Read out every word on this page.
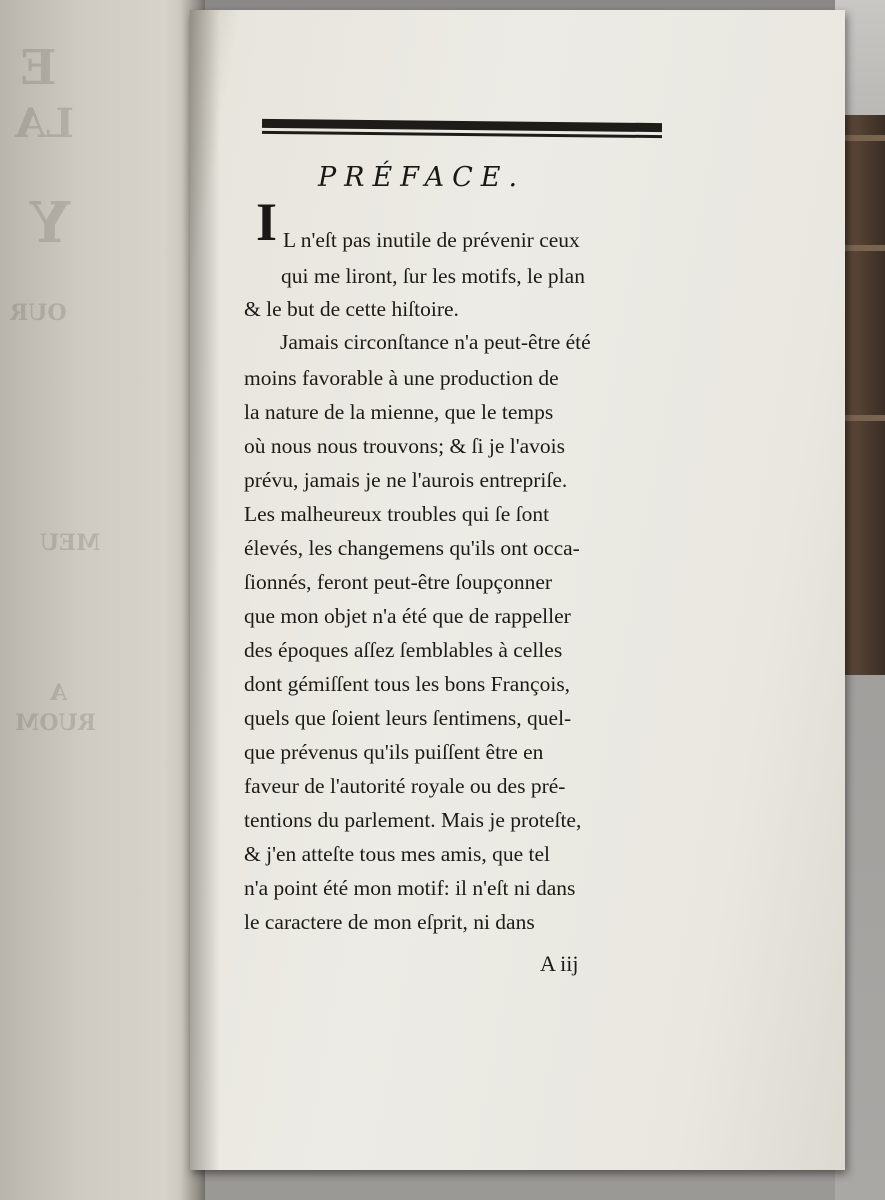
E
LA
Y
OUR
MEU
A
RUOM
PRÉFACE.
I L n'eſt pas inutile de prévenir ceux
qui me liront, ſur les motifs, le plan
& le but de cette hiſtoire.
Jamais circonſtance n'a peut-être été
moins favorable à une production de
la nature de la mienne, que le temps
où nous nous trouvons; & ſi je l'avois
prévu, jamais je ne l'aurois entrepriſe.
Les malheureux troubles qui ſe ſont
élevés, les changemens qu'ils ont occa-
ſionnés, feront peut-être ſoupçonner
que mon objet n'a été que de rappeller
des époques aſſez ſemblables à celles
dont gémiſſent tous les bons François,
quels que ſoient leurs ſentimens, quel-
que prévenus qu'ils puiſſent être en
faveur de l'autorité royale ou des pré-
tentions du parlement. Mais je proteſte,
& j'en atteſte tous mes amis, que tel
n'a point été mon motif: il n'eſt ni dans
le caractere de mon eſprit, ni dans
A iij
